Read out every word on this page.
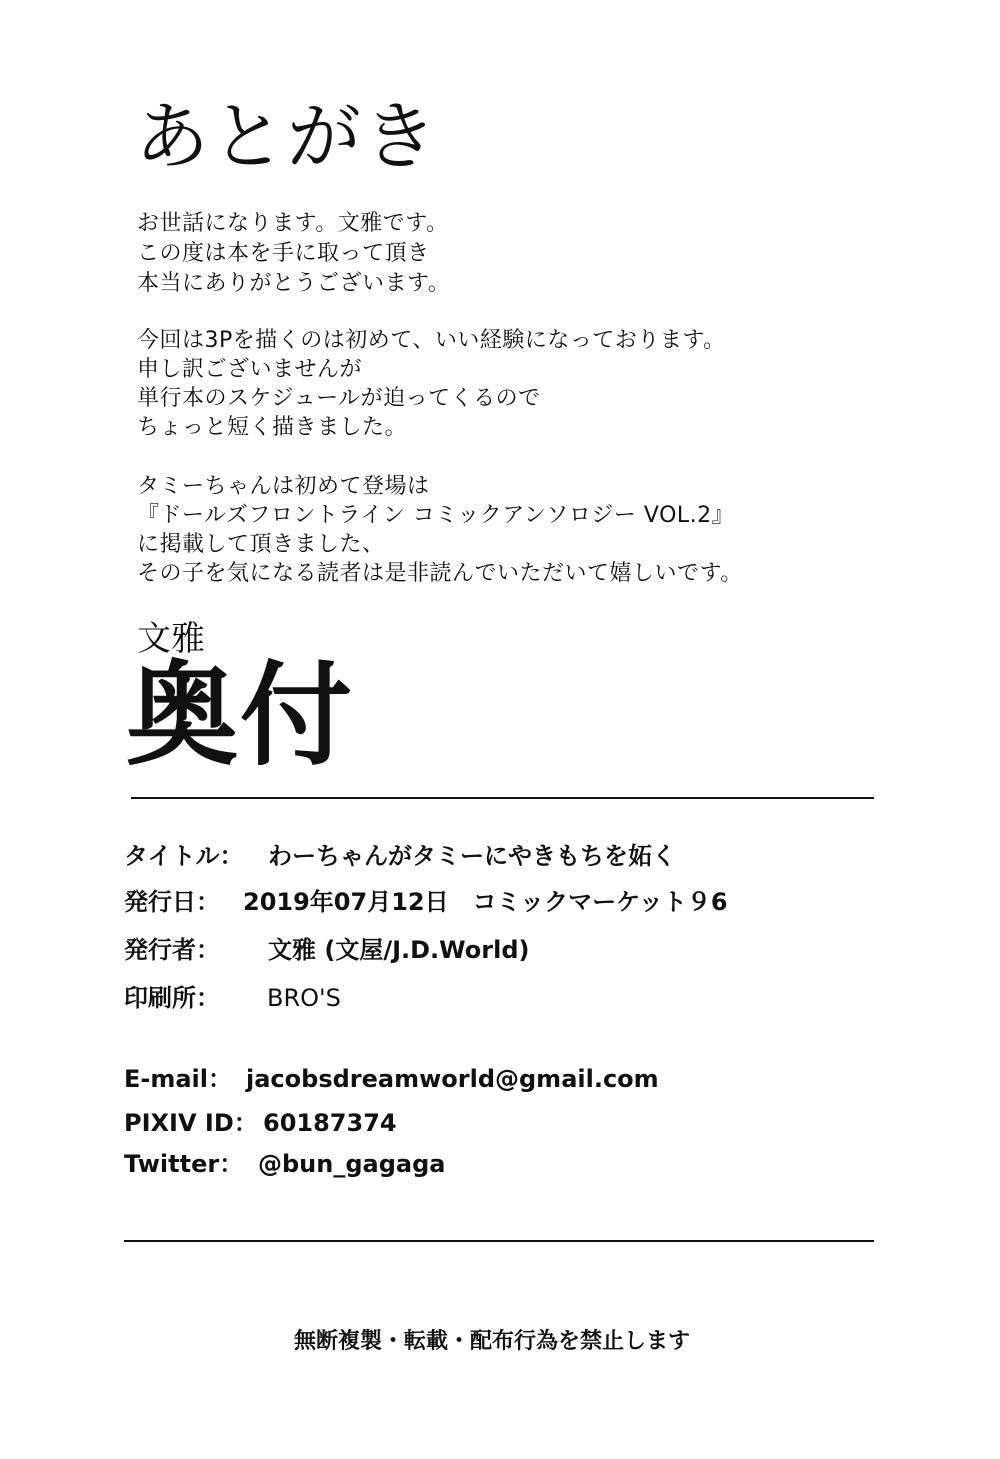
あとがき
お世話になります。文雅です。
この度は本を手に取って頂き
本当にありがとうございます。
今回は3Pを描くのは初めて、いい経験になっております。
申し訳ございませんが
単行本のスケジュールが迫ってくるので
ちょっと短く描きました。
タミーちゃんは初めて登場は
『ドールズフロントライン コミックアンソロジー VOL.2』
に掲載して頂きました、
その子を気になる読者は是非読んでいただいて嬉しいです。
文雅
奥付
タイトル： わーちゃんがタミーにやきもちを妬く
発行日： 2019年07月12日　コミックマーケット９6
発行者： 文雅 (文屋/J.D.World)
印刷所： BRO'S
E-mail： jacobsdreamworld@gmail.com
PIXIV ID： 60187374
Twitter： @bun_gagaga
無断複製・転載・配布行為を禁止します
